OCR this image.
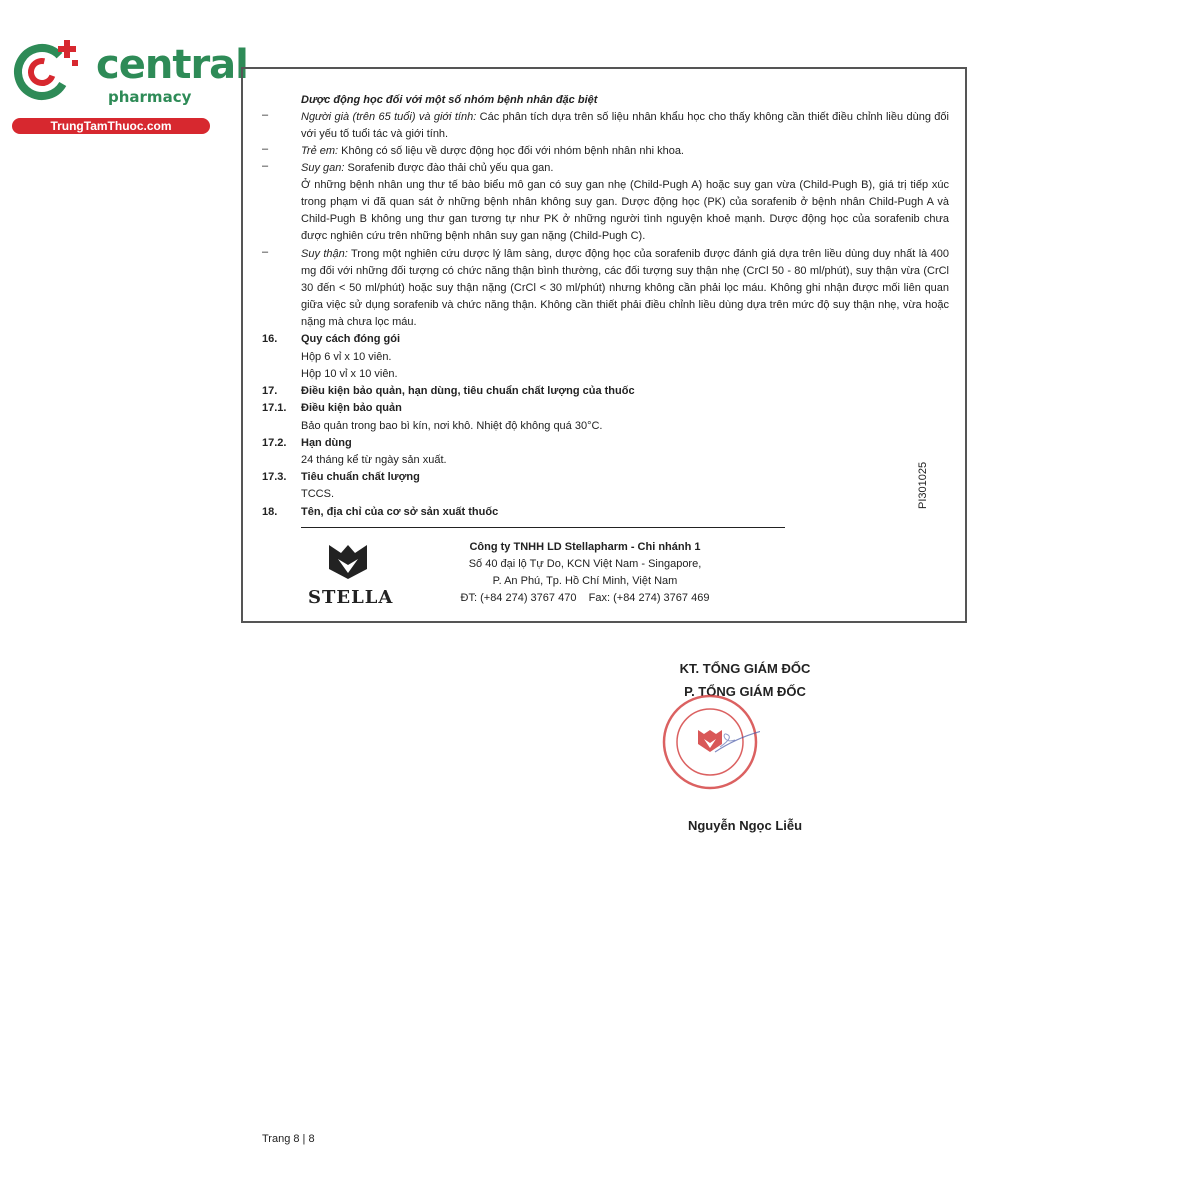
central
pharmacy
TrungTamThuoc.com
Dược động học đối với một số nhóm bệnh nhân đặc biệt
–	Người già (trên 65 tuổi) và giới tính: Các phân tích dựa trên số liệu nhân khẩu học cho thấy không cần thiết điều chỉnh liều dùng đối với yếu tố tuổi tác và giới tính.
–	Trẻ em: Không có số liệu về dược động học đối với nhóm bệnh nhân nhi khoa.
–	Suy gan: Sorafenib được đào thải chủ yếu qua gan.
Ở những bệnh nhân ung thư tế bào biểu mô gan có suy gan nhẹ (Child-Pugh A) hoặc suy gan vừa (Child-Pugh B), giá trị tiếp xúc trong phạm vi đã quan sát ở những bệnh nhân không suy gan. Dược động học (PK) của sorafenib ở bệnh nhân Child-Pugh A và Child-Pugh B không ung thư gan tương tự như PK ở những người tình nguyện khoẻ mạnh. Dược động học của sorafenib chưa được nghiên cứu trên những bệnh nhân suy gan nặng (Child-Pugh C).
–	Suy thận: Trong một nghiên cứu dược lý lâm sàng, dược động học của sorafenib được đánh giá dựa trên liều dùng duy nhất là 400 mg đối với những đối tượng có chức năng thận bình thường, các đối tượng suy thận nhẹ (CrCl 50 - 80 ml/phút), suy thận vừa (CrCl 30 đến < 50 ml/phút) hoặc suy thận nặng (CrCl < 30 ml/phút) nhưng không cần phải lọc máu. Không ghi nhận được mối liên quan giữa việc sử dụng sorafenib và chức năng thận. Không cần thiết phải điều chỉnh liều dùng dựa trên mức độ suy thận nhẹ, vừa hoặc nặng mà chưa lọc máu.
16. Quy cách đóng gói
Hộp 6 vỉ x 10 viên.
Hộp 10 vỉ x 10 viên.
17. Điều kiện bảo quản, hạn dùng, tiêu chuẩn chất lượng của thuốc
17.1. Điều kiện bảo quản
Bảo quản trong bao bì kín, nơi khô. Nhiệt độ không quá 30°C.
17.2. Hạn dùng
24 tháng kể từ ngày sản xuất.
17.3. Tiêu chuẩn chất lượng
TCCS.
18. Tên, địa chỉ của cơ sở sản xuất thuốc
PI301025
STELLA
Công ty TNHH LD Stellapharm - Chi nhánh 1
Số 40 đại lộ Tự Do, KCN Việt Nam - Singapore,
P. An Phú, Tp. Hồ Chí Minh, Việt Nam
ĐT: (+84 274) 3767 470    Fax: (+84 274) 3767 469
KT. TỔNG GIÁM ĐỐC
P. TỔNG GIÁM ĐỐC
Nguyễn Ngọc Liễu
Trang 8 | 8
